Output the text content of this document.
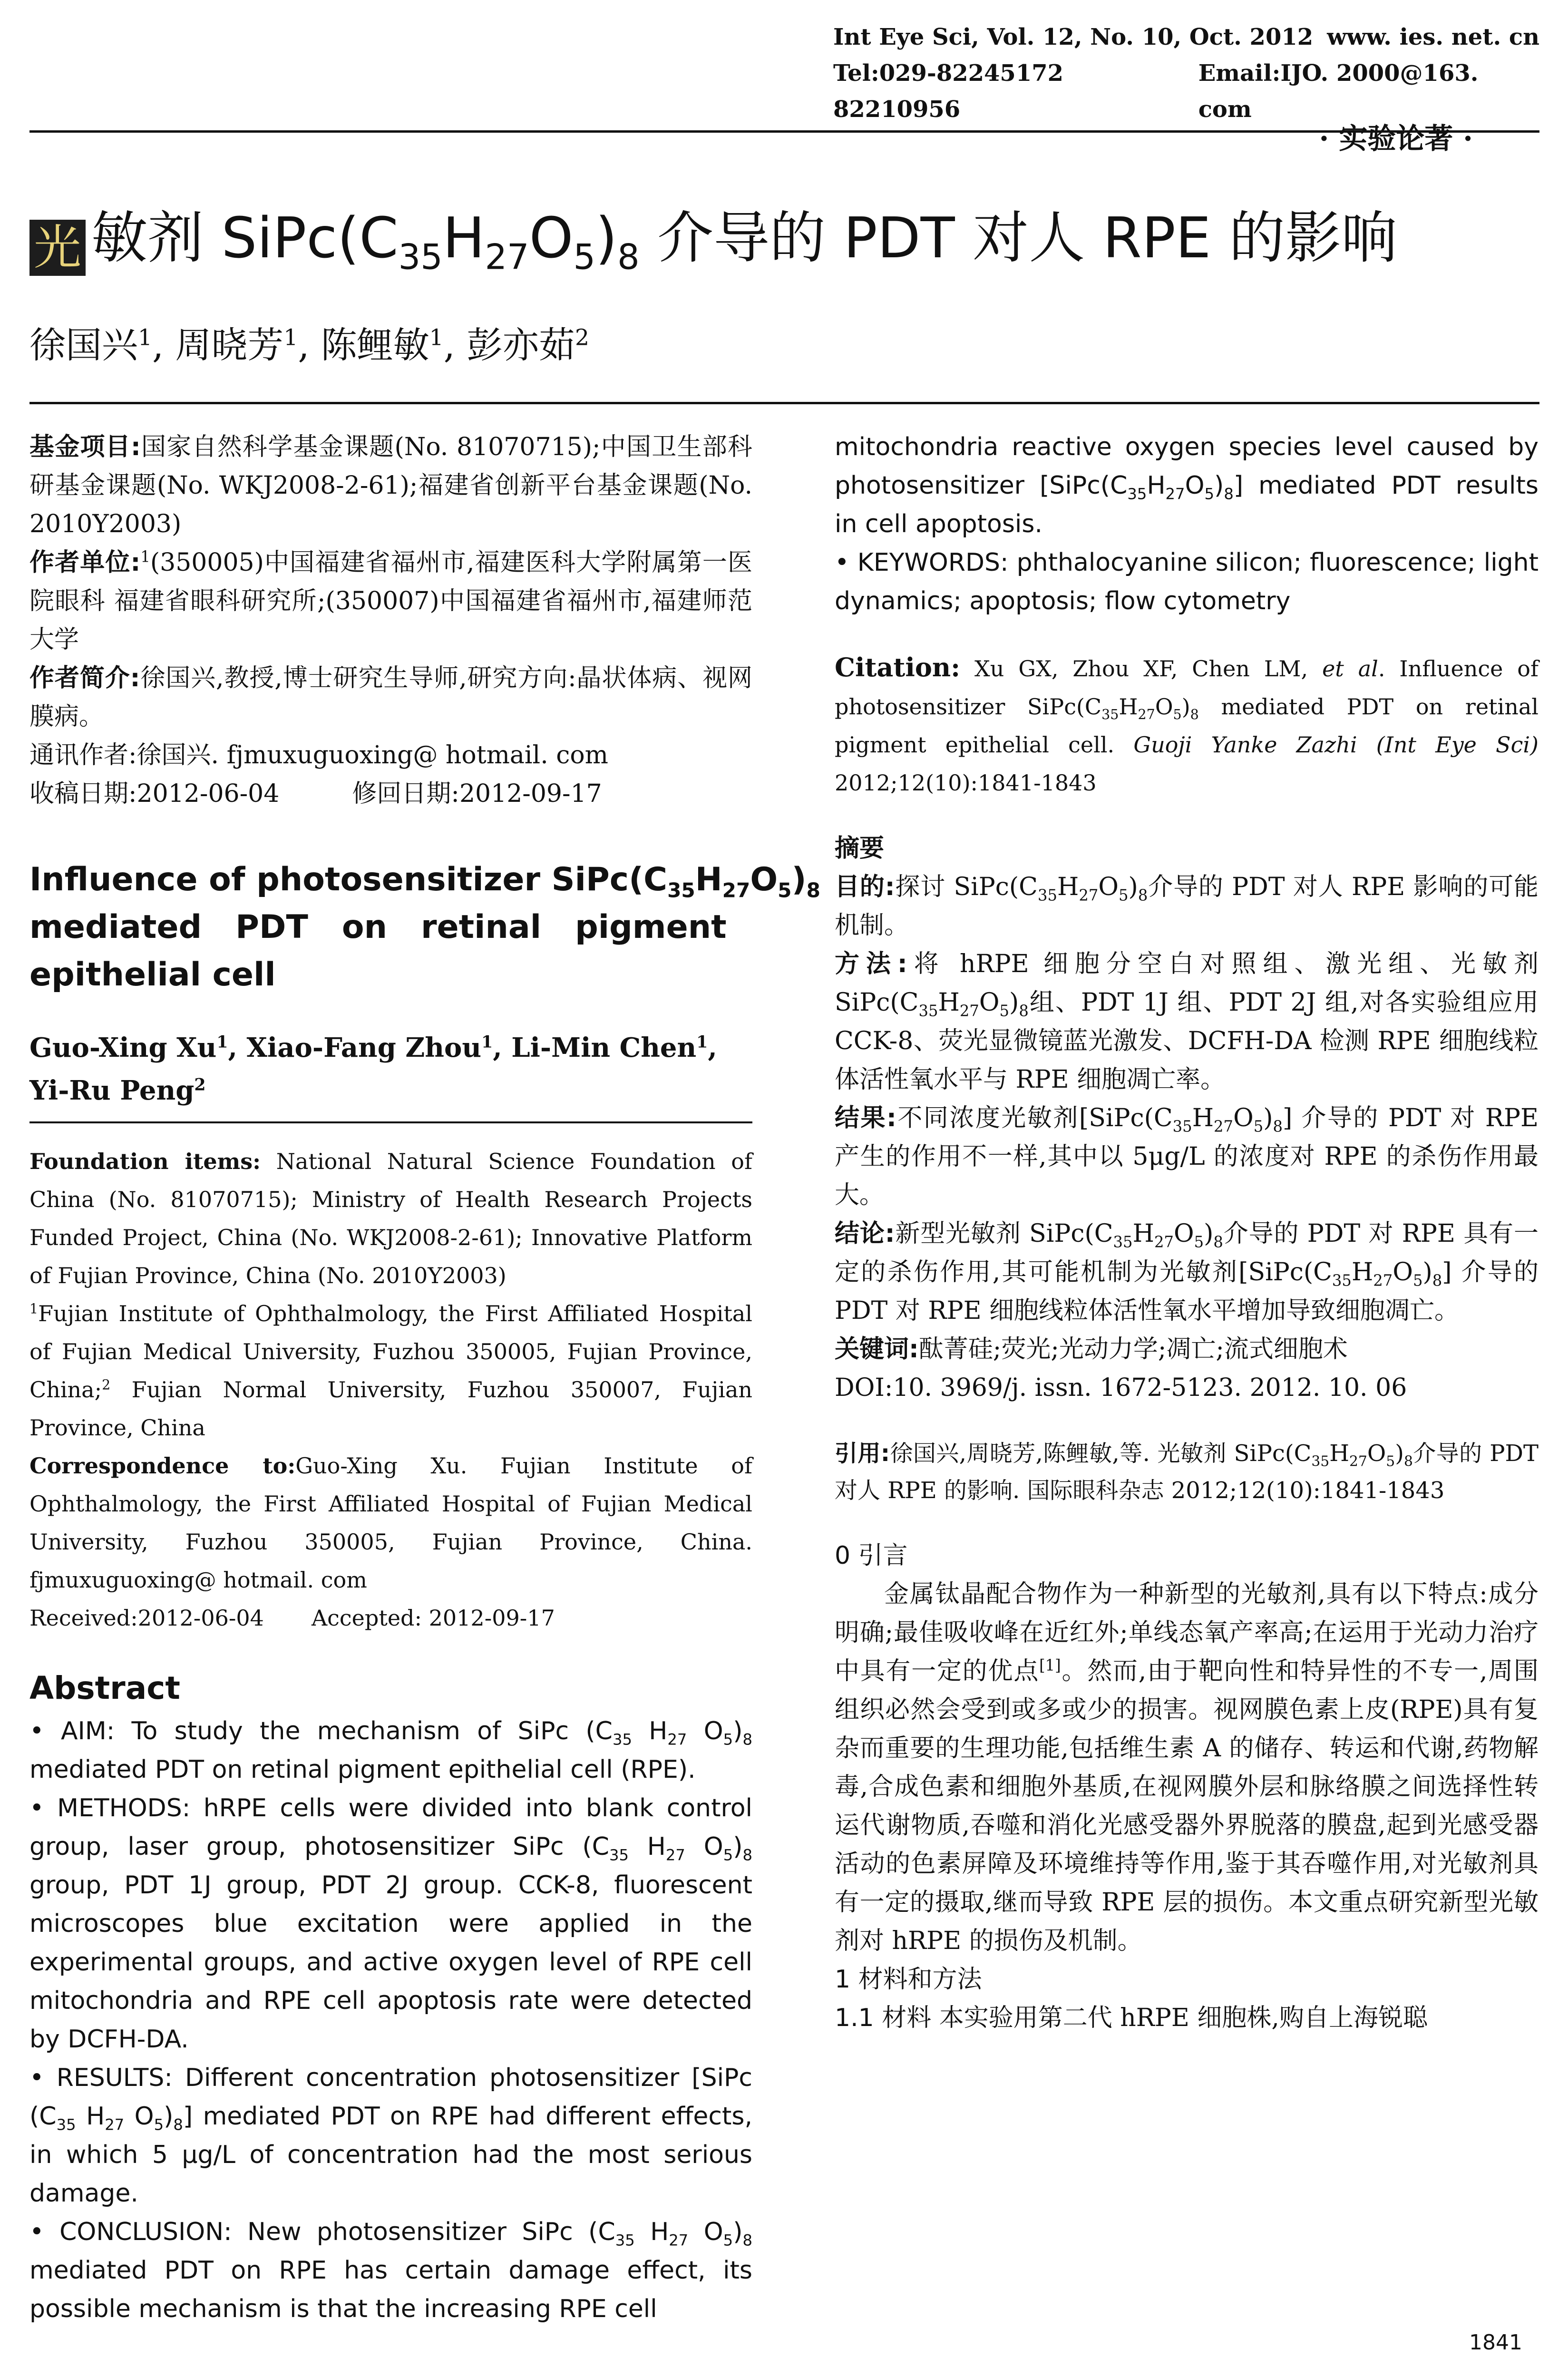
Int Eye Sci, Vol. 12, No. 10, Oct. 2012 www. ies. net. cn
Tel:029-82245172 82210956
Email:IJO. 2000@163. com
· 实验论著 ·
光 敏剂 $SiPc(C_{35}H_{27}O_5)_8$ 介导的 PDT 对人 RPE 的影响
徐国兴$^1$, 周晓芳$^1$, 陈鲤敏$^1$, 彭亦茹$^2$
基金项目:国家自然科学基金课题(No. 81070715);中国卫生部科研基金课题(No. WKJ2008-2-61);福建省创新平台基金课题(No. 2010Y2003)
作者单位:$^1$(350005)中国福建省福州市,福建医科大学附属第一医院眼科 福建省眼科研究所;(350007)中国福建省福州市,福建师范大学
作者简介:徐国兴,教授,博士研究生导师,研究方向:晶状体病、视网膜病。
通讯作者:徐国兴. fjmuxuguoxing@ hotmail. com
收稿日期:2012-06-04	修回日期:2012-09-17
Influence of photosensitizer $SiPc(C_{35}H_{27}O_5)_8$
mediated   PDT   on   retinal   pigment
epithelial cell
Guo-Xing Xu$^1$, Xiao-Fang Zhou$^1$, Li-Min Chen$^1$,
Yi-Ru Peng$^2$
Foundation items: National Natural Science Foundation of China (No. 81070715); Ministry of Health Research Projects Funded Project, China (No. WKJ2008-2-61); Innovative Platform of Fujian Province, China (No. 2010Y2003)
$^1$Fujian Institute of Ophthalmology, the First Affiliated Hospital of Fujian Medical University, Fuzhou 350005, Fujian Province, China;$^2$ Fujian Normal University, Fuzhou 350007, Fujian Province, China
Correspondence to:Guo-Xing Xu. Fujian Institute of Ophthalmology, the First Affiliated Hospital of Fujian Medical University, Fuzhou 350005, Fujian Province, China. fjmuxuguoxing@ hotmail. com
Received:2012-06-04 Accepted: 2012-09-17
Abstract
• AIM: To study the mechanism of SiPc ($C_{35}$ $H_{27}$ $O_5)_8$ mediated PDT on retinal pigment epithelial cell (RPE).
• METHODS: hRPE cells were divided into blank control group, laser group, photosensitizer SiPc ($C_{35}$ $H_{27}$ $O_5)_8$ group, PDT 1J group, PDT 2J group. CCK-8, fluorescent microscopes blue excitation were applied in the experimental groups, and active oxygen level of RPE cell mitochondria and RPE cell apoptosis rate were detected by DCFH-DA.
• RESULTS: Different concentration photosensitizer [SiPc ($C_{35}$ $H_{27}$ $O_5)_8$] mediated PDT on RPE had different effects, in which 5 μg/L of concentration had the most serious damage.
• CONCLUSION: New photosensitizer SiPc ($C_{35}$ $H_{27}$ $O_5)_8$ mediated PDT on RPE has certain damage effect, its possible mechanism is that the increasing RPE cell
mitochondria reactive oxygen species level caused by photosensitizer $[SiPc(C_{35}H_{27}O_5)_8]$ mediated PDT results in cell apoptosis.
• KEYWORDS: phthalocyanine silicon; fluorescence; light dynamics; apoptosis; flow cytometry
Citation: Xu GX, Zhou XF, Chen LM, et al. Influence of photosensitizer $SiPc(C_{35}H_{27}O_5)_8$ mediated PDT on retinal pigment epithelial cell. Guoji Yanke Zazhi (Int Eye Sci) 2012;12(10):1841-1843
摘要
目的:探讨 $SiPc(C_{35}H_{27}O_5)_8$介导的 PDT 对人 RPE 影响的可能机制。
方法:将 hRPE 细胞分空白对照组、激光组、光敏剂 $SiPc(C_{35}H_{27}O_5)_8$组、PDT 1J 组、PDT 2J 组,对各实验组应用 CCK-8、荧光显微镜蓝光激发、DCFH-DA 检测 RPE 细胞线粒体活性氧水平与 RPE 细胞凋亡率。
结果:不同浓度光敏剂$[SiPc(C_{35}H_{27}O_5)_8]$ 介导的 PDT 对 RPE 产生的作用不一样,其中以 5μg/L 的浓度对 RPE 的杀伤作用最大。
结论:新型光敏剂 $SiPc(C_{35}H_{27}O_5)_8$介导的 PDT 对 RPE 具有一定的杀伤作用,其可能机制为光敏剂$[SiPc(C_{35}H_{27}O_5)_8]$ 介导的 PDT 对 RPE 细胞线粒体活性氧水平增加导致细胞凋亡。
关键词:酞菁硅;荧光;光动力学;凋亡;流式细胞术
DOI:10. 3969/j. issn. 1672-5123. 2012. 10. 06
引用:徐国兴,周晓芳,陈鲤敏,等. 光敏剂 $SiPc(C_{35}H_{27}O_5)_8$介导的 PDT 对人 RPE 的影响. 国际眼科杂志 2012;12(10):1841-1843
0 引言
金属钛晶配合物作为一种新型的光敏剂,具有以下特点:成分明确;最佳吸收峰在近红外;单线态氧产率高;在运用于光动力治疗中具有一定的优点[1]。然而,由于靶向性和特异性的不专一,周围组织必然会受到或多或少的损害。视网膜色素上皮(RPE)具有复杂而重要的生理功能,包括维生素 A 的储存、转运和代谢,药物解毒,合成色素和细胞外基质,在视网膜外层和脉络膜之间选择性转运代谢物质,吞噬和消化光感受器外界脱落的膜盘,起到光感受器活动的色素屏障及环境维持等作用,鉴于其吞噬作用,对光敏剂具有一定的摄取,继而导致 RPE 层的损伤。本文重点研究新型光敏剂对 hRPE 的损伤及机制。
1 材料和方法
1.1 材料 本实验用第二代 hRPE 细胞株,购自上海锐聪
1841
